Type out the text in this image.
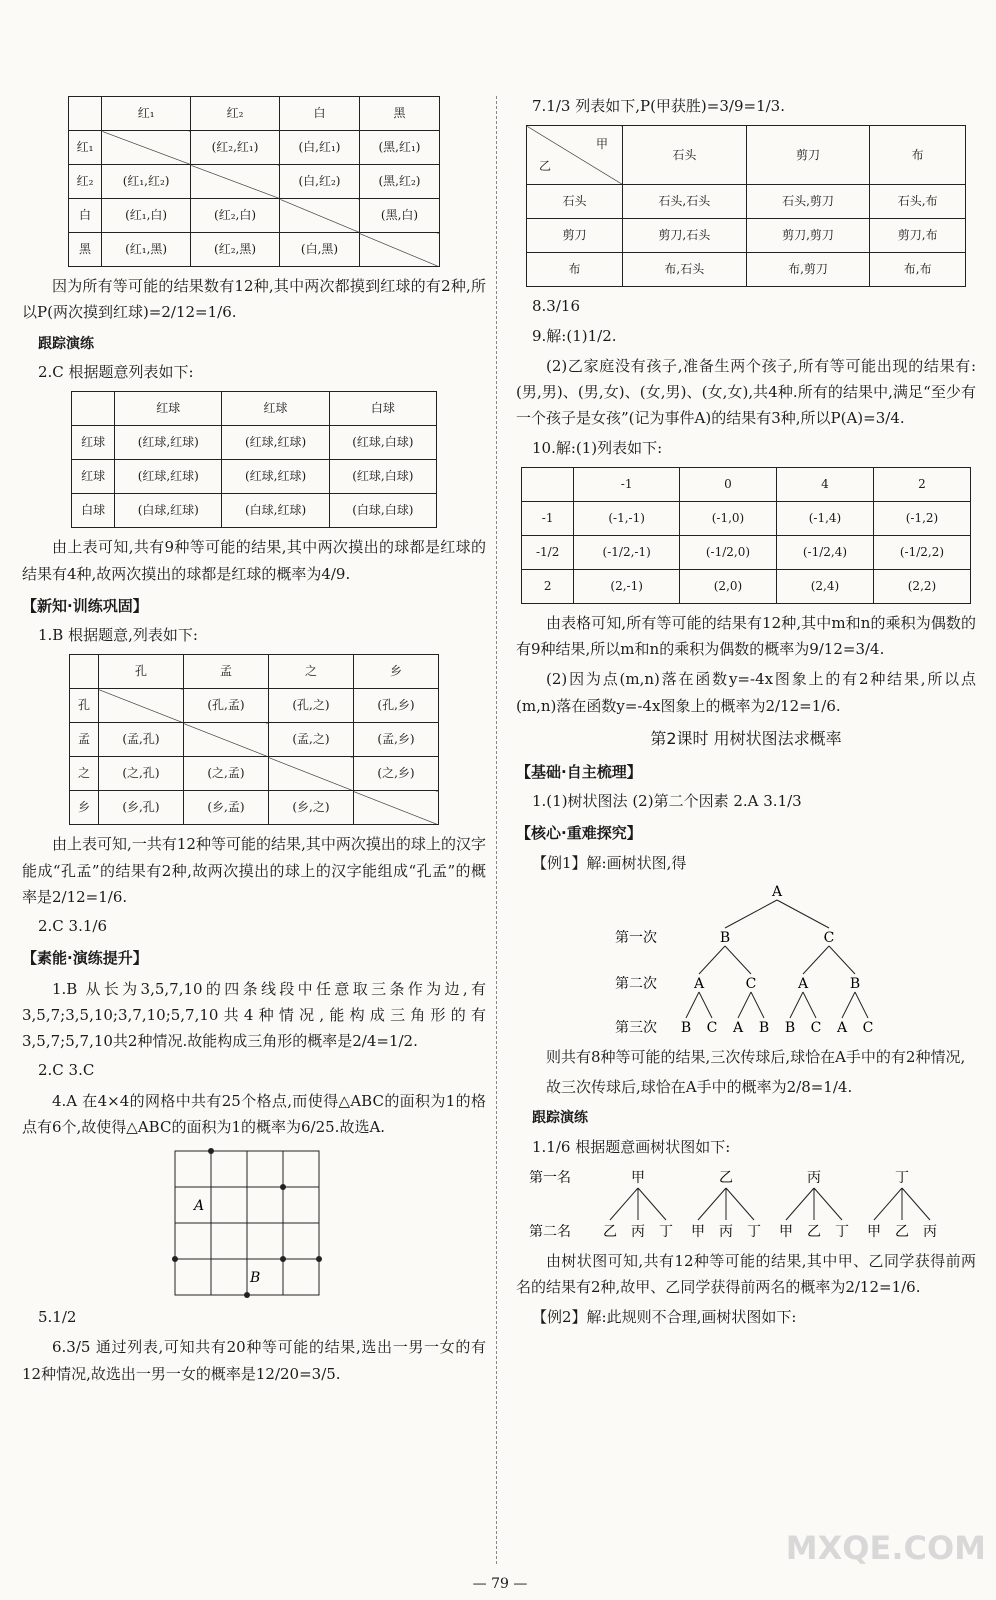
	红₁	红₂	白	黑
红₁		(红₂,红₁)	(白,红₁)	(黑,红₁)
红₂	(红₁,红₂)		(白,红₂)	(黑,红₂)
白	(红₁,白)	(红₂,白)		(黑,白)
黑	(红₁,黑)	(红₂,黑)	(白,黑)	

因为所有等可能的结果数有12种,其中两次都摸到红球的有2种,所以P(两次摸到红球)=2/12=1/6.

跟踪演练

2.C 根据题意列表如下:

	红球	红球	白球
红球	(红球,红球)	(红球,红球)	(红球,白球)
红球	(红球,红球)	(红球,红球)	(红球,白球)
白球	(白球,红球)	(白球,红球)	(白球,白球)

由上表可知,共有9种等可能的结果,其中两次摸出的球都是红球的结果有4种,故两次摸出的球都是红球的概率为4/9.

【新知·训练巩固】

1.B 根据题意,列表如下:

	孔	孟	之	乡
孔		(孔,孟)	(孔,之)	(孔,乡)
孟	(孟,孔)		(孟,之)	(孟,乡)
之	(之,孔)	(之,孟)		(之,乡)
乡	(乡,孔)	(乡,孟)	(乡,之)	

由上表可知,一共有12种等可能的结果,其中两次摸出的球上的汉字能成“孔孟”的结果有2种,故两次摸出的球上的汉字能组成“孔孟”的概率是2/12=1/6.

2.C 3.1/6

【素能·演练提升】

1.B 从长为3,5,7,10的四条线段中任意取三条作为边,有3,5,7;3,5,10;3,7,10;5,7,10共4种情况,能构成三角形的有3,5,7;5,7,10共2种情况.故能构成三角形的概率是2/4=1/2.

2.C 3.C

4.A 在4×4的网格中共有25个格点,而使得△ABC的面积为1的格点有6个,故使得△ABC的面积为1的概率为6/25.故选A.

A
B

5.1/2

6.3/5 通过列表,可知共有20种等可能的结果,选出一男一女的有12种情况,故选出一男一女的概率是12/20=3/5.

7.1/3 列表如下,P(甲获胜)=3/9=1/3.

甲
乙	石头	剪刀	布
石头	石头,石头	石头,剪刀	石头,布
剪刀	剪刀,石头	剪刀,剪刀	剪刀,布
布	布,石头	布,剪刀	布,布

8.3/16

9.解:(1)1/2.

(2)乙家庭没有孩子,准备生两个孩子,所有等可能出现的结果有:(男,男)、(男,女)、(女,男)、(女,女),共4种.所有的结果中,满足“至少有一个孩子是女孩”(记为事件A)的结果有3种,所以P(A)=3/4.

10.解:(1)列表如下:

	-1	0	4	2
-1	(-1,-1)	(-1,0)	(-1,4)	(-1,2)
-1/2	(-1/2,-1)	(-1/2,0)	(-1/2,4)	(-1/2,2)
2	(2,-1)	(2,0)	(2,4)	(2,2)

由表格可知,所有等可能的结果有12种,其中m和n的乘积为偶数的有9种结果,所以m和n的乘积为偶数的概率为9/12=3/4.

(2)因为点(m,n)落在函数y=-4x图象上的有2种结果,所以点(m,n)落在函数y=-4x图象上的概率为2/12=1/6.

第2课时 用树状图法求概率

【基础·自主梳理】

1.(1)树状图法 (2)第二个因素 2.A 3.1/3

【核心·重难探究】

【例1】解:画树状图,得

A
第一次
第二次
第三次
B	C
A	C	A	B
B C A B B C A C

则共有8种等可能的结果,三次传球后,球恰在A手中的有2种情况,

故三次传球后,球恰在A手中的概率为2/8=1/4.

跟踪演练

1.1/6 根据题意画树状图如下:

第一名
第二名
甲
乙 丙 丁
乙
甲 丙 丁
丙
甲 乙 丁
丁
甲 乙 丙

由树状图可知,共有12种等可能的结果,其中甲、乙同学获得前两名的结果有2种,故甲、乙同学获得前两名的概率为2/12=1/6.

【例2】解:此规则不合理,画树状图如下:

— 79 —
MXQE.COM
